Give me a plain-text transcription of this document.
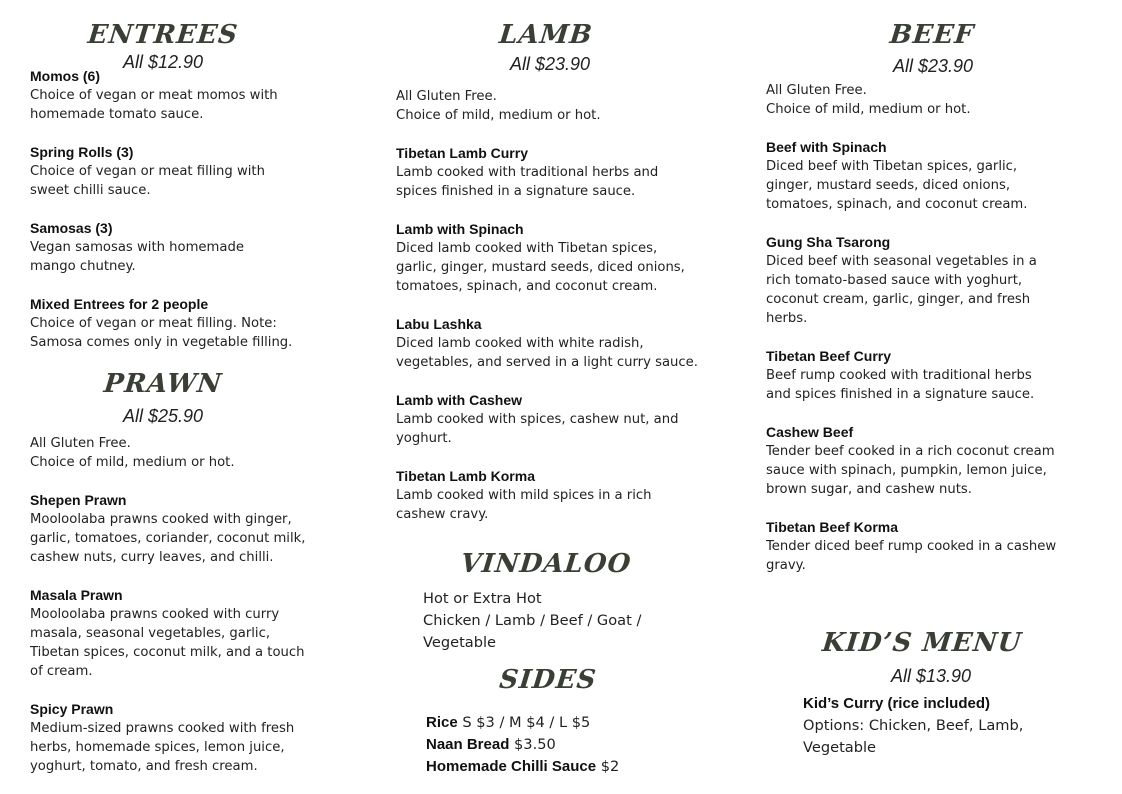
ENTREES
All $12.90
Momos (6)
Choice of vegan or meat momos with
homemade tomato sauce.
Spring Rolls (3)
Choice of vegan or meat filling with
sweet chilli sauce.
Samosas (3)
Vegan samosas with homemade
mango chutney.
Mixed Entrees for 2 people
Choice of vegan or meat filling. Note:
Samosa comes only in vegetable filling.
PRAWN
All $25.90
All Gluten Free.
Choice of mild, medium or hot.
Shepen Prawn
Mooloolaba prawns cooked with ginger,
garlic, tomatoes, coriander, coconut milk,
cashew nuts, curry leaves, and chilli.
Masala Prawn
Mooloolaba prawns cooked with curry
masala, seasonal vegetables, garlic,
Tibetan spices, coconut milk, and a touch
of cream.
Spicy Prawn
Medium-sized prawns cooked with fresh
herbs, homemade spices, lemon juice,
yoghurt, tomato, and fresh cream.
LAMB
All $23.90
All Gluten Free.
Choice of mild, medium or hot.
Tibetan Lamb Curry
Lamb cooked with traditional herbs and
spices finished in a signature sauce.
Lamb with Spinach
Diced lamb cooked with Tibetan spices,
garlic, ginger, mustard seeds, diced onions,
tomatoes, spinach, and coconut cream.
Labu Lashka
Diced lamb cooked with white radish,
vegetables, and served in a light curry sauce.
Lamb with Cashew
Lamb cooked with spices, cashew nut, and
yoghurt.
Tibetan Lamb Korma
Lamb cooked with mild spices in a rich
cashew cravy.
VINDALOO
Hot or Extra Hot
Chicken / Lamb / Beef / Goat /
Vegetable
SIDES
Rice S $3 / M $4 / L $5
Naan Bread $3.50
Homemade Chilli Sauce $2
BEEF
All $23.90
All Gluten Free.
Choice of mild, medium or hot.
Beef with Spinach
Diced beef with Tibetan spices, garlic,
ginger, mustard seeds, diced onions,
tomatoes, spinach, and coconut cream.
Gung Sha Tsarong
Diced beef with seasonal vegetables in a
rich tomato-based sauce with yoghurt,
coconut cream, garlic, ginger, and fresh
herbs.
Tibetan Beef Curry
Beef rump cooked with traditional herbs
and spices finished in a signature sauce.
Cashew Beef
Tender beef cooked in a rich coconut cream
sauce with spinach, pumpkin, lemon juice,
brown sugar, and cashew nuts.
Tibetan Beef Korma
Tender diced beef rump cooked in a cashew
gravy.
KID’S MENU
All $13.90
Kid’s Curry (rice included)
Options: Chicken, Beef, Lamb,
Vegetable
